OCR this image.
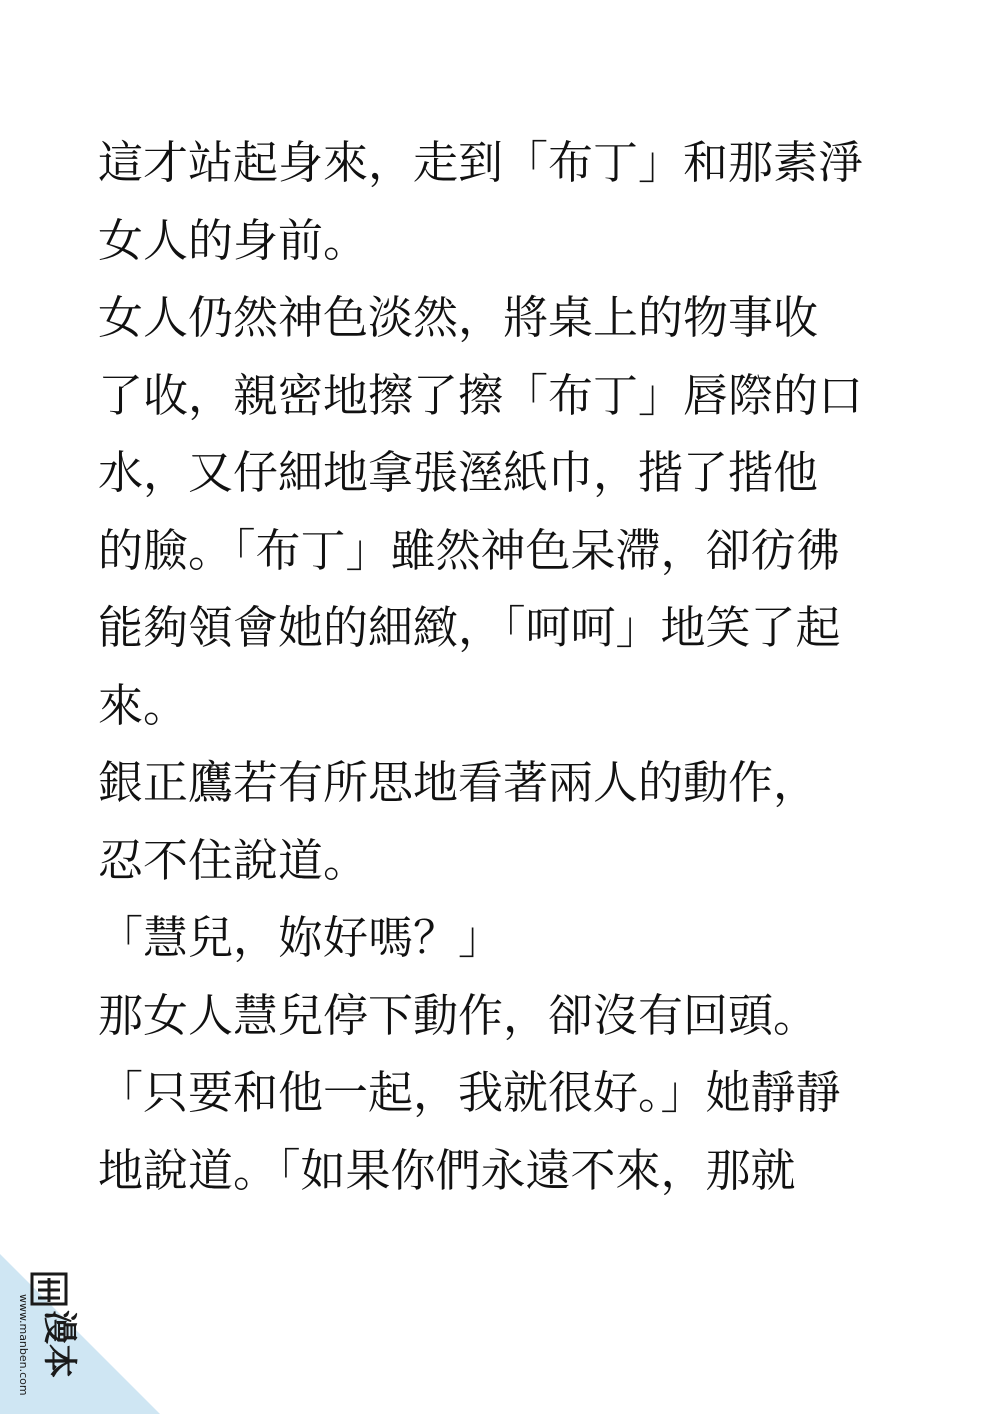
這才站起身來，走到「布丁」和那素淨
女人的身前。
女人仍然神色淡然，將桌上的物事收
了收，親密地擦了擦「布丁」唇際的口
水，又仔細地拿張溼紙巾，揩了揩他
的臉。「布丁」雖然神色呆滯，卻彷彿
能夠領會她的細緻，「呵呵」地笑了起
來。
銀正鷹若有所思地看著兩人的動作，
忍不住說道。
「慧兒，妳好嗎？」
那女人慧兒停下動作，卻沒有回頭。
「只要和他一起，我就很好。」她靜靜
地說道。「如果你們永遠不來，那就
漫本
www.manben.com
